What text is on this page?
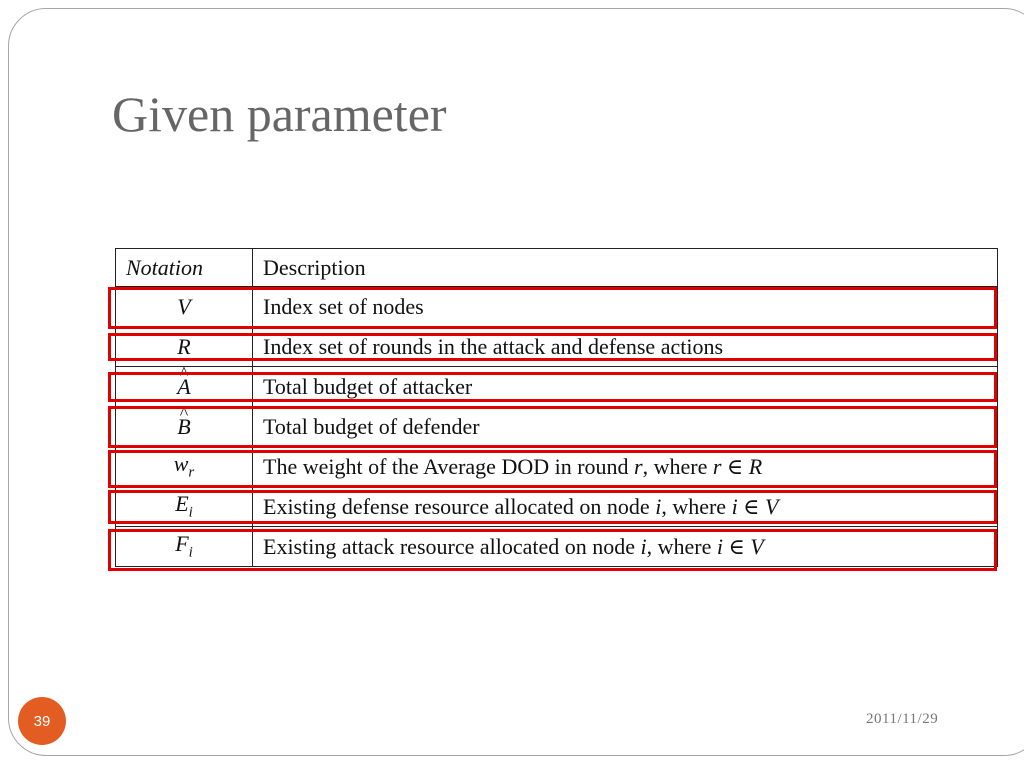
Given parameter
Notation	Description
V	Index set of nodes
R	Index set of rounds in the attack and defense actions
^ A	Total budget of attacker
^ B	Total budget of defender
$w_r$	The weight of the Average DOD in round r, where r ∈ R
$E_i$	Existing defense resource allocated on node i, where i ∈ V
$F_i$	Existing attack resource allocated on node i, where i ∈ V
39	2011/11/29
